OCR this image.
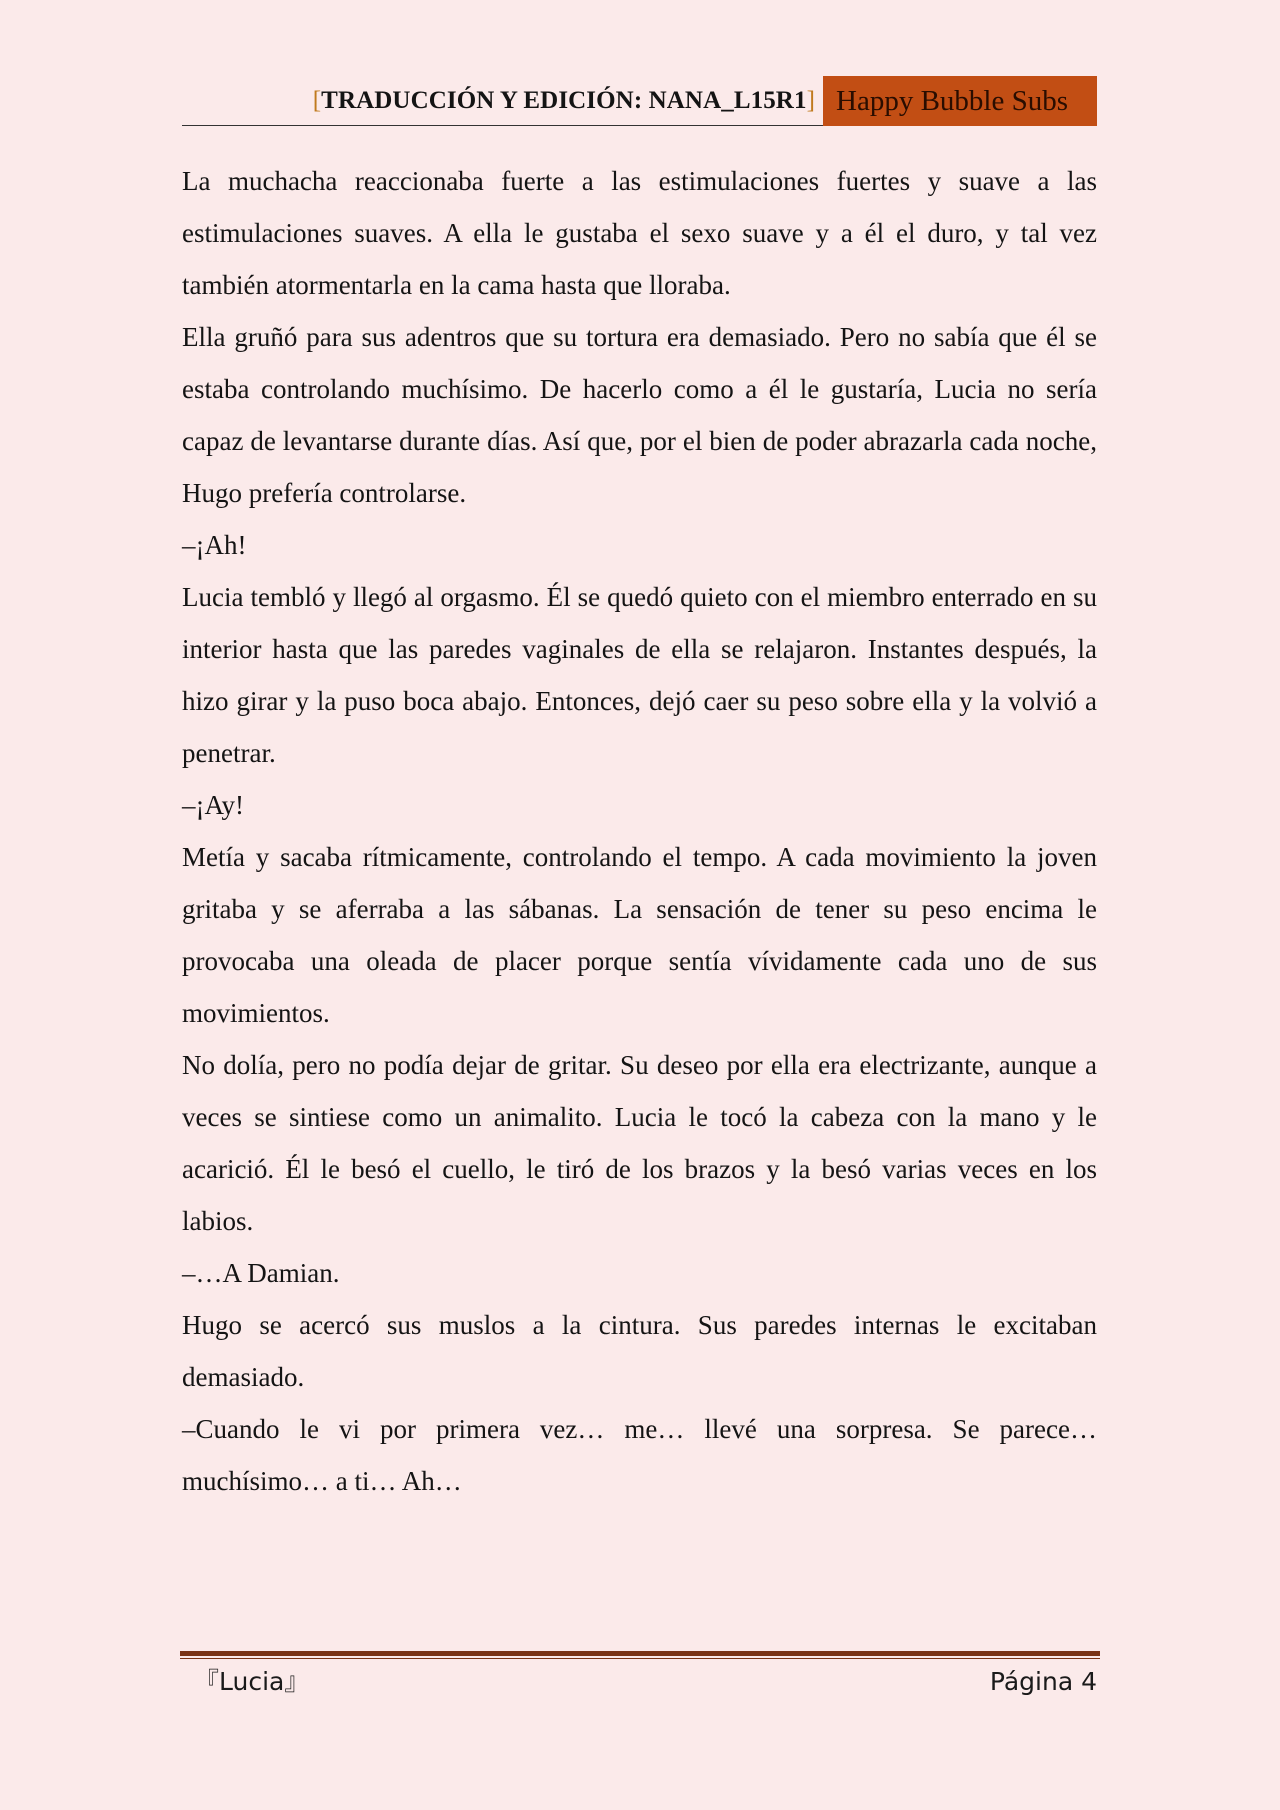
[TRADUCCIÓN Y EDICIÓN: NANA_L15R1] Happy Bubble Subs

La muchacha reaccionaba fuerte a las estimulaciones fuertes y suave a las estimulaciones suaves. A ella le gustaba el sexo suave y a él el duro, y tal vez también atormentarla en la cama hasta que lloraba.

Ella gruñó para sus adentros que su tortura era demasiado. Pero no sabía que él se estaba controlando muchísimo. De hacerlo como a él le gustaría, Lucia no sería capaz de levantarse durante días. Así que, por el bien de poder abrazarla cada noche, Hugo prefería controlarse.

–¡Ah!

Lucia tembló y llegó al orgasmo. Él se quedó quieto con el miembro enterrado en su interior hasta que las paredes vaginales de ella se relajaron. Instantes después, la hizo girar y la puso boca abajo. Entonces, dejó caer su peso sobre ella y la volvió a penetrar.

–¡Ay!

Metía y sacaba rítmicamente, controlando el tempo. A cada movimiento la joven gritaba y se aferraba a las sábanas. La sensación de tener su peso encima le provocaba una oleada de placer porque sentía vívidamente cada uno de sus movimientos.

No dolía, pero no podía dejar de gritar. Su deseo por ella era electrizante, aunque a veces se sintiese como un animalito. Lucia le tocó la cabeza con la mano y le acarició. Él le besó el cuello, le tiró de los brazos y la besó varias veces en los labios.

–…A Damian.

Hugo se acercó sus muslos a la cintura. Sus paredes internas le excitaban demasiado.

–Cuando le vi por primera vez… me… llevé una sorpresa. Se parece… muchísimo… a ti… Ah…

『Lucia』	Página 4
